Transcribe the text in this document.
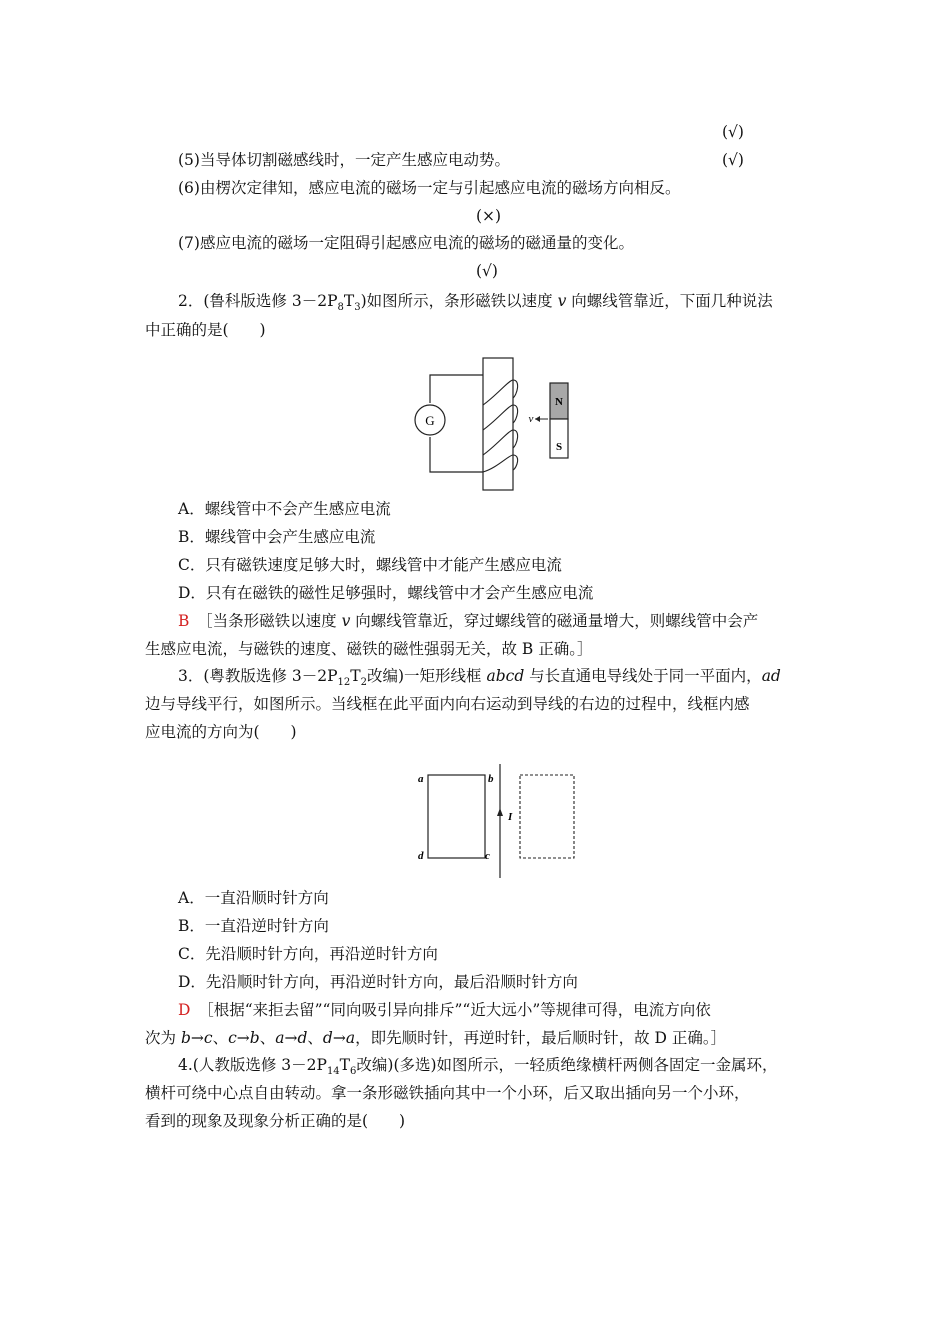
(√)
(5)当导体切割磁感线时，一定产生感应电动势。	(√)
(6)由楞次定律知，感应电流的磁场一定与引起感应电流的磁场方向相反。
(×)
(7)感应电流的磁场一定阻碍引起感应电流的磁场的磁通量的变化。
(√)
2．(鲁科版选修 $3-2P_8T_3$)如图所示，条形磁铁以速度 v 向螺线管靠近，下面几种说法
中正确的是(　　)
G	v
N
S
A．螺线管中不会产生感应电流
B．螺线管中会产生感应电流
C．只有磁铁速度足够大时，螺线管中才能产生感应电流
D．只有在磁铁的磁性足够强时，螺线管中才会产生感应电流
B　 ［当条形磁铁以速度 v 向螺线管靠近，穿过螺线管的磁通量增大，则螺线管中会产
生感应电流，与磁铁的速度、磁铁的磁性强弱无关，故 B 正确。］
3．(粤教版选修 $3-2P_{12}T_2$改编)一矩形线框 abcd 与长直通电导线处于同一平面内，ad
边与导线平行，如图所示。当线框在此平面内向右运动到导线的右边的过程中，线框内感
应电流的方向为(　　)
a	b
c
d
I
A．一直沿顺时针方向
B．一直沿逆时针方向
C．先沿顺时针方向，再沿逆时针方向
D．先沿顺时针方向，再沿逆时针方向，最后沿顺时针方向
D　 ［根据“来拒去留”“同向吸引异向排斥”“近大远小”等规律可得，电流方向依
次为 b→c、c→b、a→d、d→a，即先顺时针，再逆时针，最后顺时针，故 D 正确。］
4.(人教版选修 $3-2P_{14}T_6$改编)(多选)如图所示，一轻质绝缘横杆两侧各固定一金属环，
横杆可绕中心点自由转动。拿一条形磁铁插向其中一个小环，后又取出插向另一个小环，
看到的现象及现象分析正确的是(　　)
